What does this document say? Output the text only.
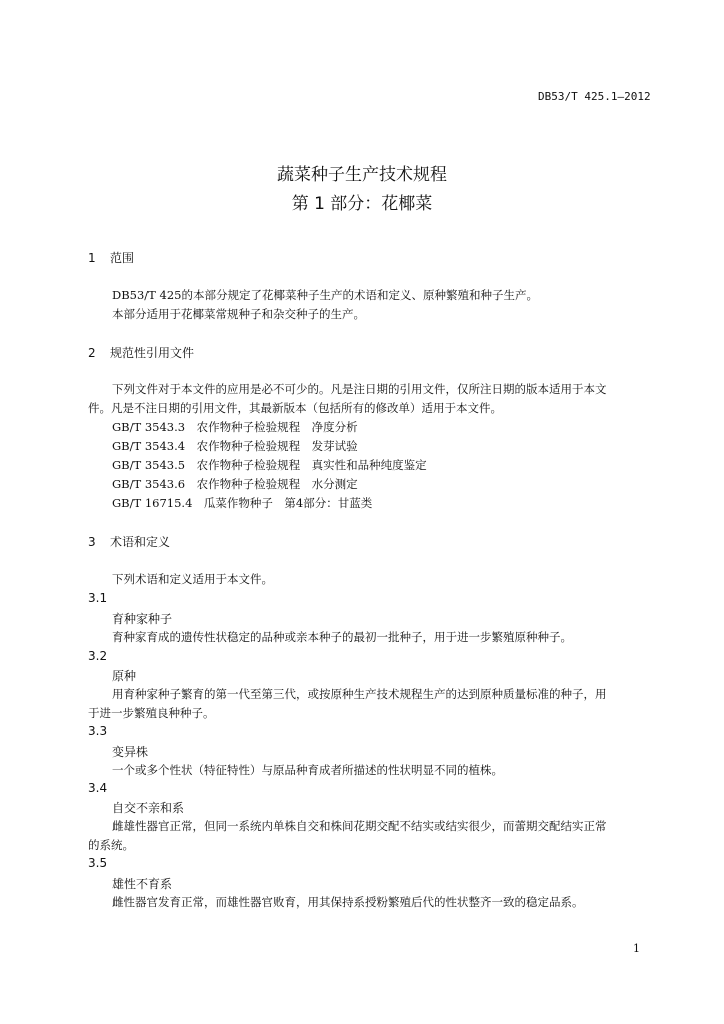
DB53/T 425.1—2012
蔬菜种子生产技术规程
第 1 部分：花椰菜
1 范围
DB53/T 425的本部分规定了花椰菜种子生产的术语和定义、原种繁殖和种子生产。
本部分适用于花椰菜常规种子和杂交种子的生产。
2 规范性引用文件
下列文件对于本文件的应用是必不可少的。凡是注日期的引用文件，仅所注日期的版本适用于本文
件。凡是不注日期的引用文件，其最新版本（包括所有的修改单）适用于本文件。
GB/T 3543.3　农作物种子检验规程　净度分析
GB/T 3543.4　农作物种子检验规程　发芽试验
GB/T 3543.5　农作物种子检验规程　真实性和品种纯度鉴定
GB/T 3543.6　农作物种子检验规程　水分测定
GB/T 16715.4　瓜菜作物种子　第4部分：甘蓝类
3 术语和定义
下列术语和定义适用于本文件。
3.1
育种家种子
育种家育成的遗传性状稳定的品种或亲本种子的最初一批种子，用于进一步繁殖原种种子。
3.2
原种
用育种家种子繁育的第一代至第三代，或按原种生产技术规程生产的达到原种质量标准的种子，用
于进一步繁殖良种种子。
3.3
变异株
一个或多个性状（特征特性）与原品种育成者所描述的性状明显不同的植株。
3.4
自交不亲和系
雌雄性器官正常，但同一系统内单株自交和株间花期交配不结实或结实很少，而蕾期交配结实正常
的系统。
3.5
雄性不育系
雌性器官发育正常，而雄性器官败育，用其保持系授粉繁殖后代的性状整齐一致的稳定品系。
1
